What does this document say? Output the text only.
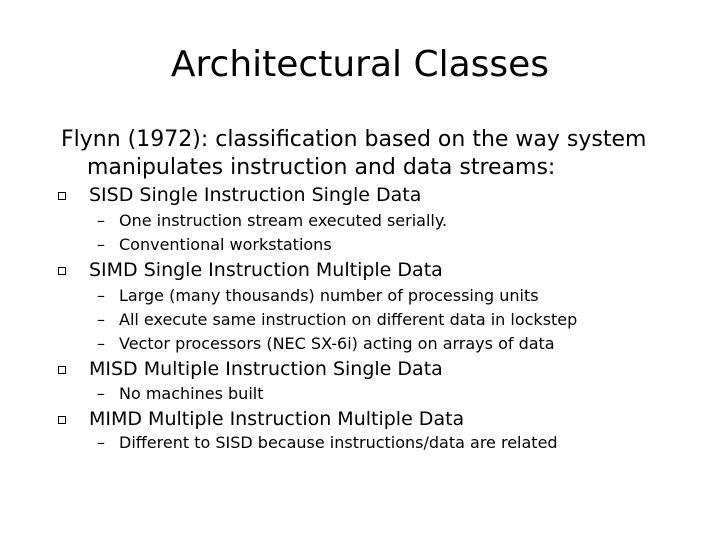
Architectural Classes
Flynn (1972): classification based on the way system
manipulates instruction and data streams:
SISD Single Instruction Single Data
– One instruction stream executed serially.
– Conventional workstations
SIMD Single Instruction Multiple Data
– Large (many thousands) number of processing units
– All execute same instruction on different data in lockstep
– Vector processors (NEC SX-6i) acting on arrays of data
MISD Multiple Instruction Single Data
– No machines built
MIMD Multiple Instruction Multiple Data
– Different to SISD because instructions/data are related
